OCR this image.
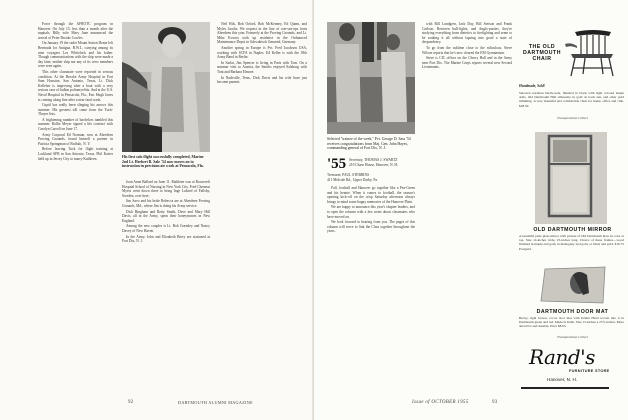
Force through the AFROTC program in Hanover. On July 15, less than a month after the nuptials, Billy wife Mary Jane announced the arrival of Peter Brooks Cowles.

On January 19 the cadet Mount Sutton Home left Bermuda for Antigua, B.W.I., carrying among its nine voyagers Les Whitelock and his father. Though communications with the ship were made a day later, neither ship nor any of its crew members were seen again.

This other classmate were reported in serious condition. At the Brooke Army Hospital in Fort Sam Houston, San Antonio, Texas, Lt. Dick Kelleher is improving after a bout with a very serious case of bulbar poliomyelitis. And at the U.S. Naval Hospital in Pensacola, Fla., Ens. Hugh Jones is coming along fine after a near fatal crash.

Cupid has really been slinging his arrows this summer. His greatest toll came from the Tuck-Thayer lists.

A frightening number of bachelors tumbled this summer. Rollie Meyer signed a life contract with Carolyn Carroll on June 17.

Army Corporal Ed Norman, now at Aberdeen Proving Grounds, found himself a partner in Patricia Springman of Buffalo, N. Y.

Before leaving Tuck for flight training at Lackland AFB in San Antonio, Texas, Phil Kaiser held up in Jersey City to marry Kathleen.	His first solo flight successfully completed, Marine 2nd Lt. Herbert B. Sale '54 now moves on to instruction in precision air work at Pensacola, Fla.

Joan Anne Ballard on June 11. Rathleen was at Roosevelt Hospital School of Nursing in New York City. Fred Chestnut Myers went down there to bring Inge Lalsted of Fallsby, Sweden, over here.

Jim Savo and his bride Rebecca are at Aberdeen Proving Grounds, Md., where Jim is doing his Army service.

Dick Bingham and Betty Smith, Dave and Mary Hill Davis, all in the Army, spent their honeymoons in New England.

Among the new couples is Lt. Bob Gormley and Nancy Davey of New Haven.

In the Army, John and Elizabeth Berry are stationed at Fort Dix, N. J.

Neil Hils, Bob Orford, Bob McKenney, Ed Quinn, and Myles Jacobs. We request in the line of war-sea-ops from Aberdeen this year. Formerly at the Proving Grounds, and Lt. Mike Kovacs took up residence in the Ordnanced Maintenance Depot in Schwabisch Gmuend, Germany.

Another spring in Europe is Pvt. Fred Jacobsen USA, working with SCFA in Naples. Ed Keller is with the 39th Army Band in Berlin.

In Sarlat, Jim Spencer is living in Paris with Tom. On a summer visit to Austria, the Smiths enjoyed Salzburg with Toni and Barbara Elmore.

In Nashville, Tenn., Dick Davis and his wife have just become parents.

92	DARTMOUTH ALUMNI MAGAZINE
Selected "trainee of the week," Pvt. George D. Sass '54 receives congratulations from Maj. Gen. John Hayes, commanding general of Fort Dix, N. J.
'55 Secretary, THOMAS J. SWARTZ
210 Chase House, Hanover, N. H.
Treasurer, PAUL STEBBINS
411 Midvale Rd., Upper Darby, Pa.

Fall, football and Hanover go together like a Pea-Green and his beanie. When it comes to football, the season's opening kick-off on the crisp Saturday afternoon always brings to mind some happy memories of the Hanover Plain.

We are happy to announce this year's chapter leaders, and to open the column with a few notes about classmates who have moved on.

We look forward to hearing from you. The pages of this column will serve to link the Class together throughout the years.

with Bill Lundgren, Jack Day, Bill Stetson and Frank Carlson. Between bull-fights, and Anglo-parties, they're studying everything from dietetics to firefighting and seem to be soaking it all without lapsing into good a state of despondency.

To go from the sublime close to the ridiculous, Steve Wilson reports that he's now cleared the EM Gymnasium.

Steve is CIC officer on the Cherry Hall and in the Army near Fort Dix. The Marine Corps reports several new Second Lieutenants.

THE OLD
DARTMOUTH
CHAIR
Handmade, Sold!
Selected northern hardwoods, finished in black with light colored maple arms. Old Dartmouth Hall silhouette in gold on back slat, and other gold trimming. A very beautiful and comfortable chair for home, office and club. $28.50.
Transportation Collect
OLD DARTMOUTH MIRROR
A beautiful plate glass mirror with picture of Old Dartmouth Row in color at top. Size 14-inches wide, 25-inches long. Choice of these frames—wood finished in maple and gold, in mahogany and gold, or black and gold. $16.75 Postpaid.
DARTMOUTH DOOR MAT
Heavy, light brown, cocoa door mat with Indian Head woven into it in Dartmouth green and red. Made in India. Size 15-inches x 25½-inches. More attractive and durable. Price $8.65.
Transportation Collect
Rand's
FURNITURE STORE
Hanover, N. H.
Issue of OCTOBER 1955	93
